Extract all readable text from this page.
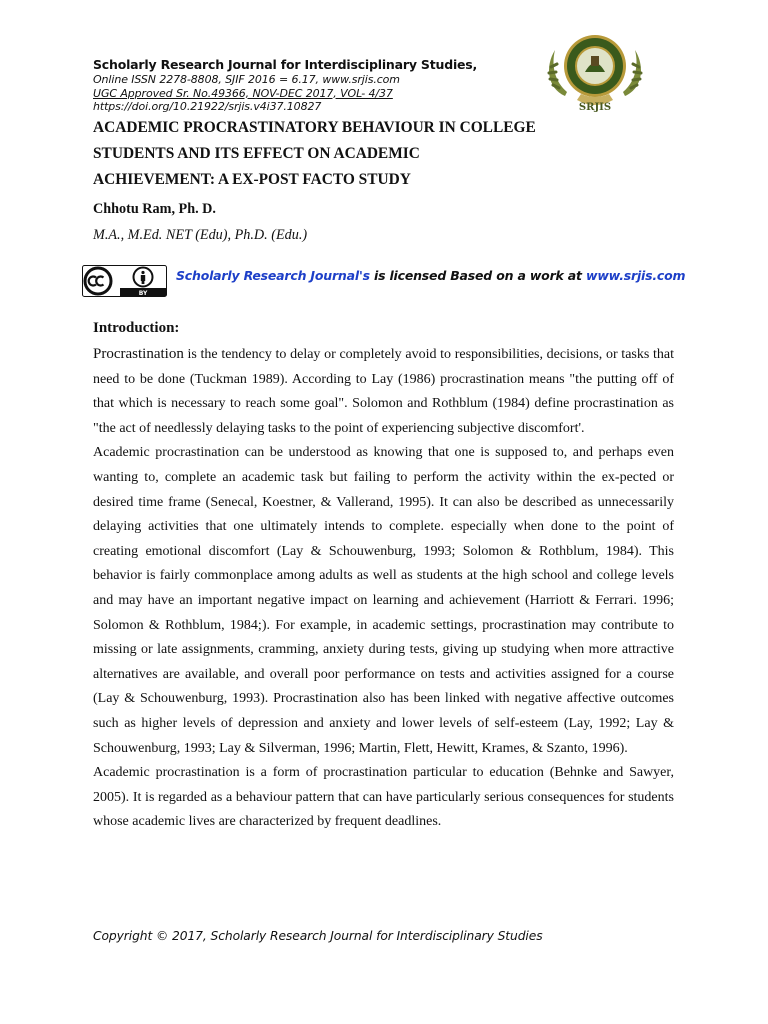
Scholarly Research Journal for Interdisciplinary Studies,
Online ISSN 2278-8808, SJIF 2016 = 6.17, www.srjis.com
UGC Approved Sr. No.49366, NOV-DEC 2017, VOL- 4/37
https://doi.org/10.21922/srjis.v4i37.10827	SRJIS
ACADEMIC PROCRASTINATORY BEHAVIOUR IN COLLEGE
STUDENTS AND ITS EFFECT ON ACADEMIC
ACHIEVEMENT: A EX-POST FACTO STUDY
Chhotu Ram, Ph. D.
M.A., M.Ed. NET (Edu), Ph.D. (Edu.)
BY
Scholarly Research Journal's is licensed Based on a work at www.srjis.com
Introduction:

Procrastination is the tendency to delay or completely avoid to responsibilities, decisions, or tasks that need to be done (Tuckman 1989). According to Lay (1986) procrastination means "the putting off of that which is necessary to reach some goal". Solomon and Rothblum (1984) define procrastination as "the act of needlessly delaying tasks to the point of experiencing subjective discomfort'.

Academic procrastination can be understood as knowing that one is supposed to, and perhaps even wanting to, complete an academic task but failing to perform the activity within the ex-pected or desired time frame (Senecal, Koestner, & Vallerand, 1995). It can also be described as unnecessarily delaying activities that one ultimately intends to complete. especially when done to the point of creating emotional discomfort (Lay & Schouwenburg, 1993; Solomon & Rothblum, 1984). This behavior is fairly commonplace among adults as well as students at the high school and college levels and may have an important negative impact on learning and achievement (Harriott & Ferrari. 1996; Solomon & Rothblum, 1984;). For example, in academic settings, procrastination may contribute to missing or late assignments, cramming, anxiety during tests, giving up studying when more attractive alternatives are available, and overall poor performance on tests and activities assigned for a course (Lay & Schouwenburg, 1993). Procrastination also has been linked with negative affective outcomes such as higher levels of depression and anxiety and lower levels of self-esteem (Lay, 1992; Lay & Schouwenburg, 1993; Lay & Silverman, 1996; Martin, Flett, Hewitt, Krames, & Szanto, 1996).

Academic procrastination is a form of procrastination particular to education (Behnke and Sawyer, 2005). It is regarded as a behaviour pattern that can have particularly serious consequences for students whose academic lives are characterized by frequent deadlines.

Copyright © 2017, Scholarly Research Journal for Interdisciplinary Studies
